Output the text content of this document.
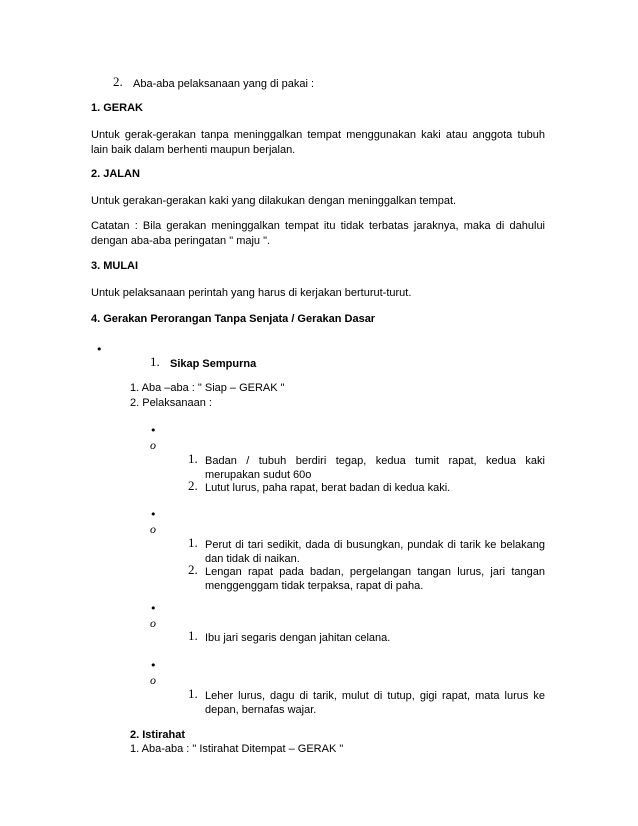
2. Aba-aba pelaksanaan yang di pakai :
1. GERAK
Untuk gerak-gerakan tanpa meninggalkan tempat menggunakan kaki atau anggota tubuh lain baik dalam berhenti maupun berjalan.
2. JALAN
Untuk gerakan-gerakan kaki yang dilakukan dengan meninggalkan tempat.
Catatan : Bila gerakan meninggalkan tempat itu tidak terbatas jaraknya, maka di dahului dengan aba-aba peringatan " maju ".
3. MULAI
Untuk pelaksanaan perintah yang harus di kerjakan berturut-turut.
4. Gerakan Perorangan Tanpa Senjata / Gerakan Dasar
•
1. Sikap Sempurna
1. Aba –aba : " Siap – GERAK "
2. Pelaksanaan :
•
o
1. Badan / tubuh berdiri tegap, kedua tumit rapat, kedua kaki merupakan sudut 60o
2. Lutut lurus, paha rapat, berat badan di kedua kaki.
•
o
1. Perut di tari sedikit, dada di busungkan, pundak di tarik ke belakang dan tidak di naikan.
2. Lengan rapat pada badan, pergelangan tangan lurus, jari tangan menggenggam tidak terpaksa, rapat di paha.
•
o
1. Ibu jari segaris dengan jahitan celana.
•
o
1. Leher lurus, dagu di tarik, mulut di tutup, gigi rapat, mata lurus ke depan, bernafas wajar.
2. Istirahat
1. Aba-aba : " Istirahat Ditempat – GERAK "
